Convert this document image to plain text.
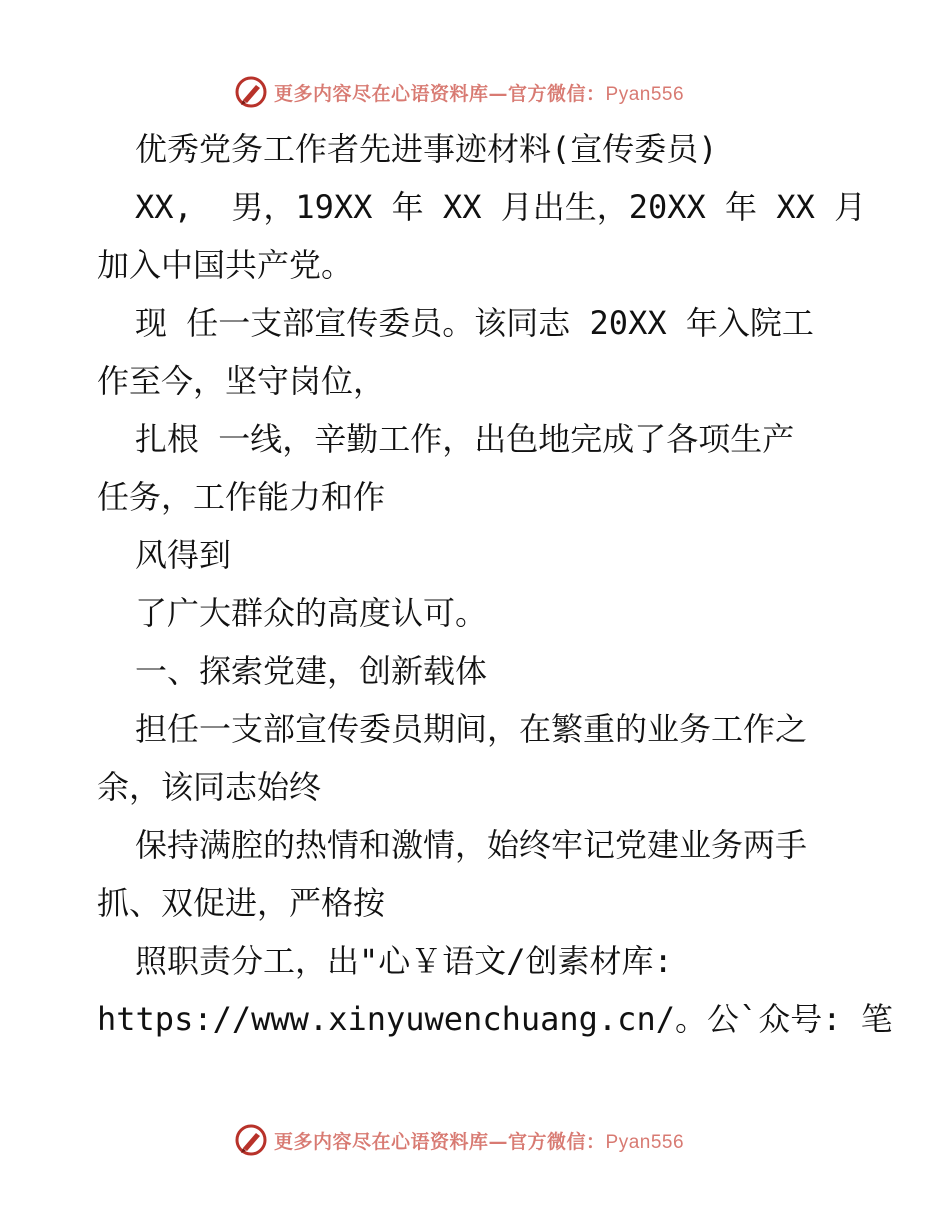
更多内容尽在心语资料库—官方微信：Pyan556
优秀党务工作者先进事迹材料(宣传委员)
XX,  男，19XX 年 XX 月出生，20XX 年 XX 月
加入中国共产党。
现 任一支部宣传委员。该同志 20XX 年入院工
作至今，坚守岗位，
扎根 一线，辛勤工作，出色地完成了各项生产
任务，工作能力和作
风得到
了广大群众的高度认可。
一、探索党建，创新载体
担任一支部宣传委员期间，在繁重的业务工作之
余，该同志始终
保持满腔的热情和激情，始终牢记党建业务两手
抓、双促进，严格按
照职责分工，出"心￥语文/创素材库:
https://www.xinyuwenchuang.cn/。公`众号: 笔
更多内容尽在心语资料库—官方微信：Pyan556
